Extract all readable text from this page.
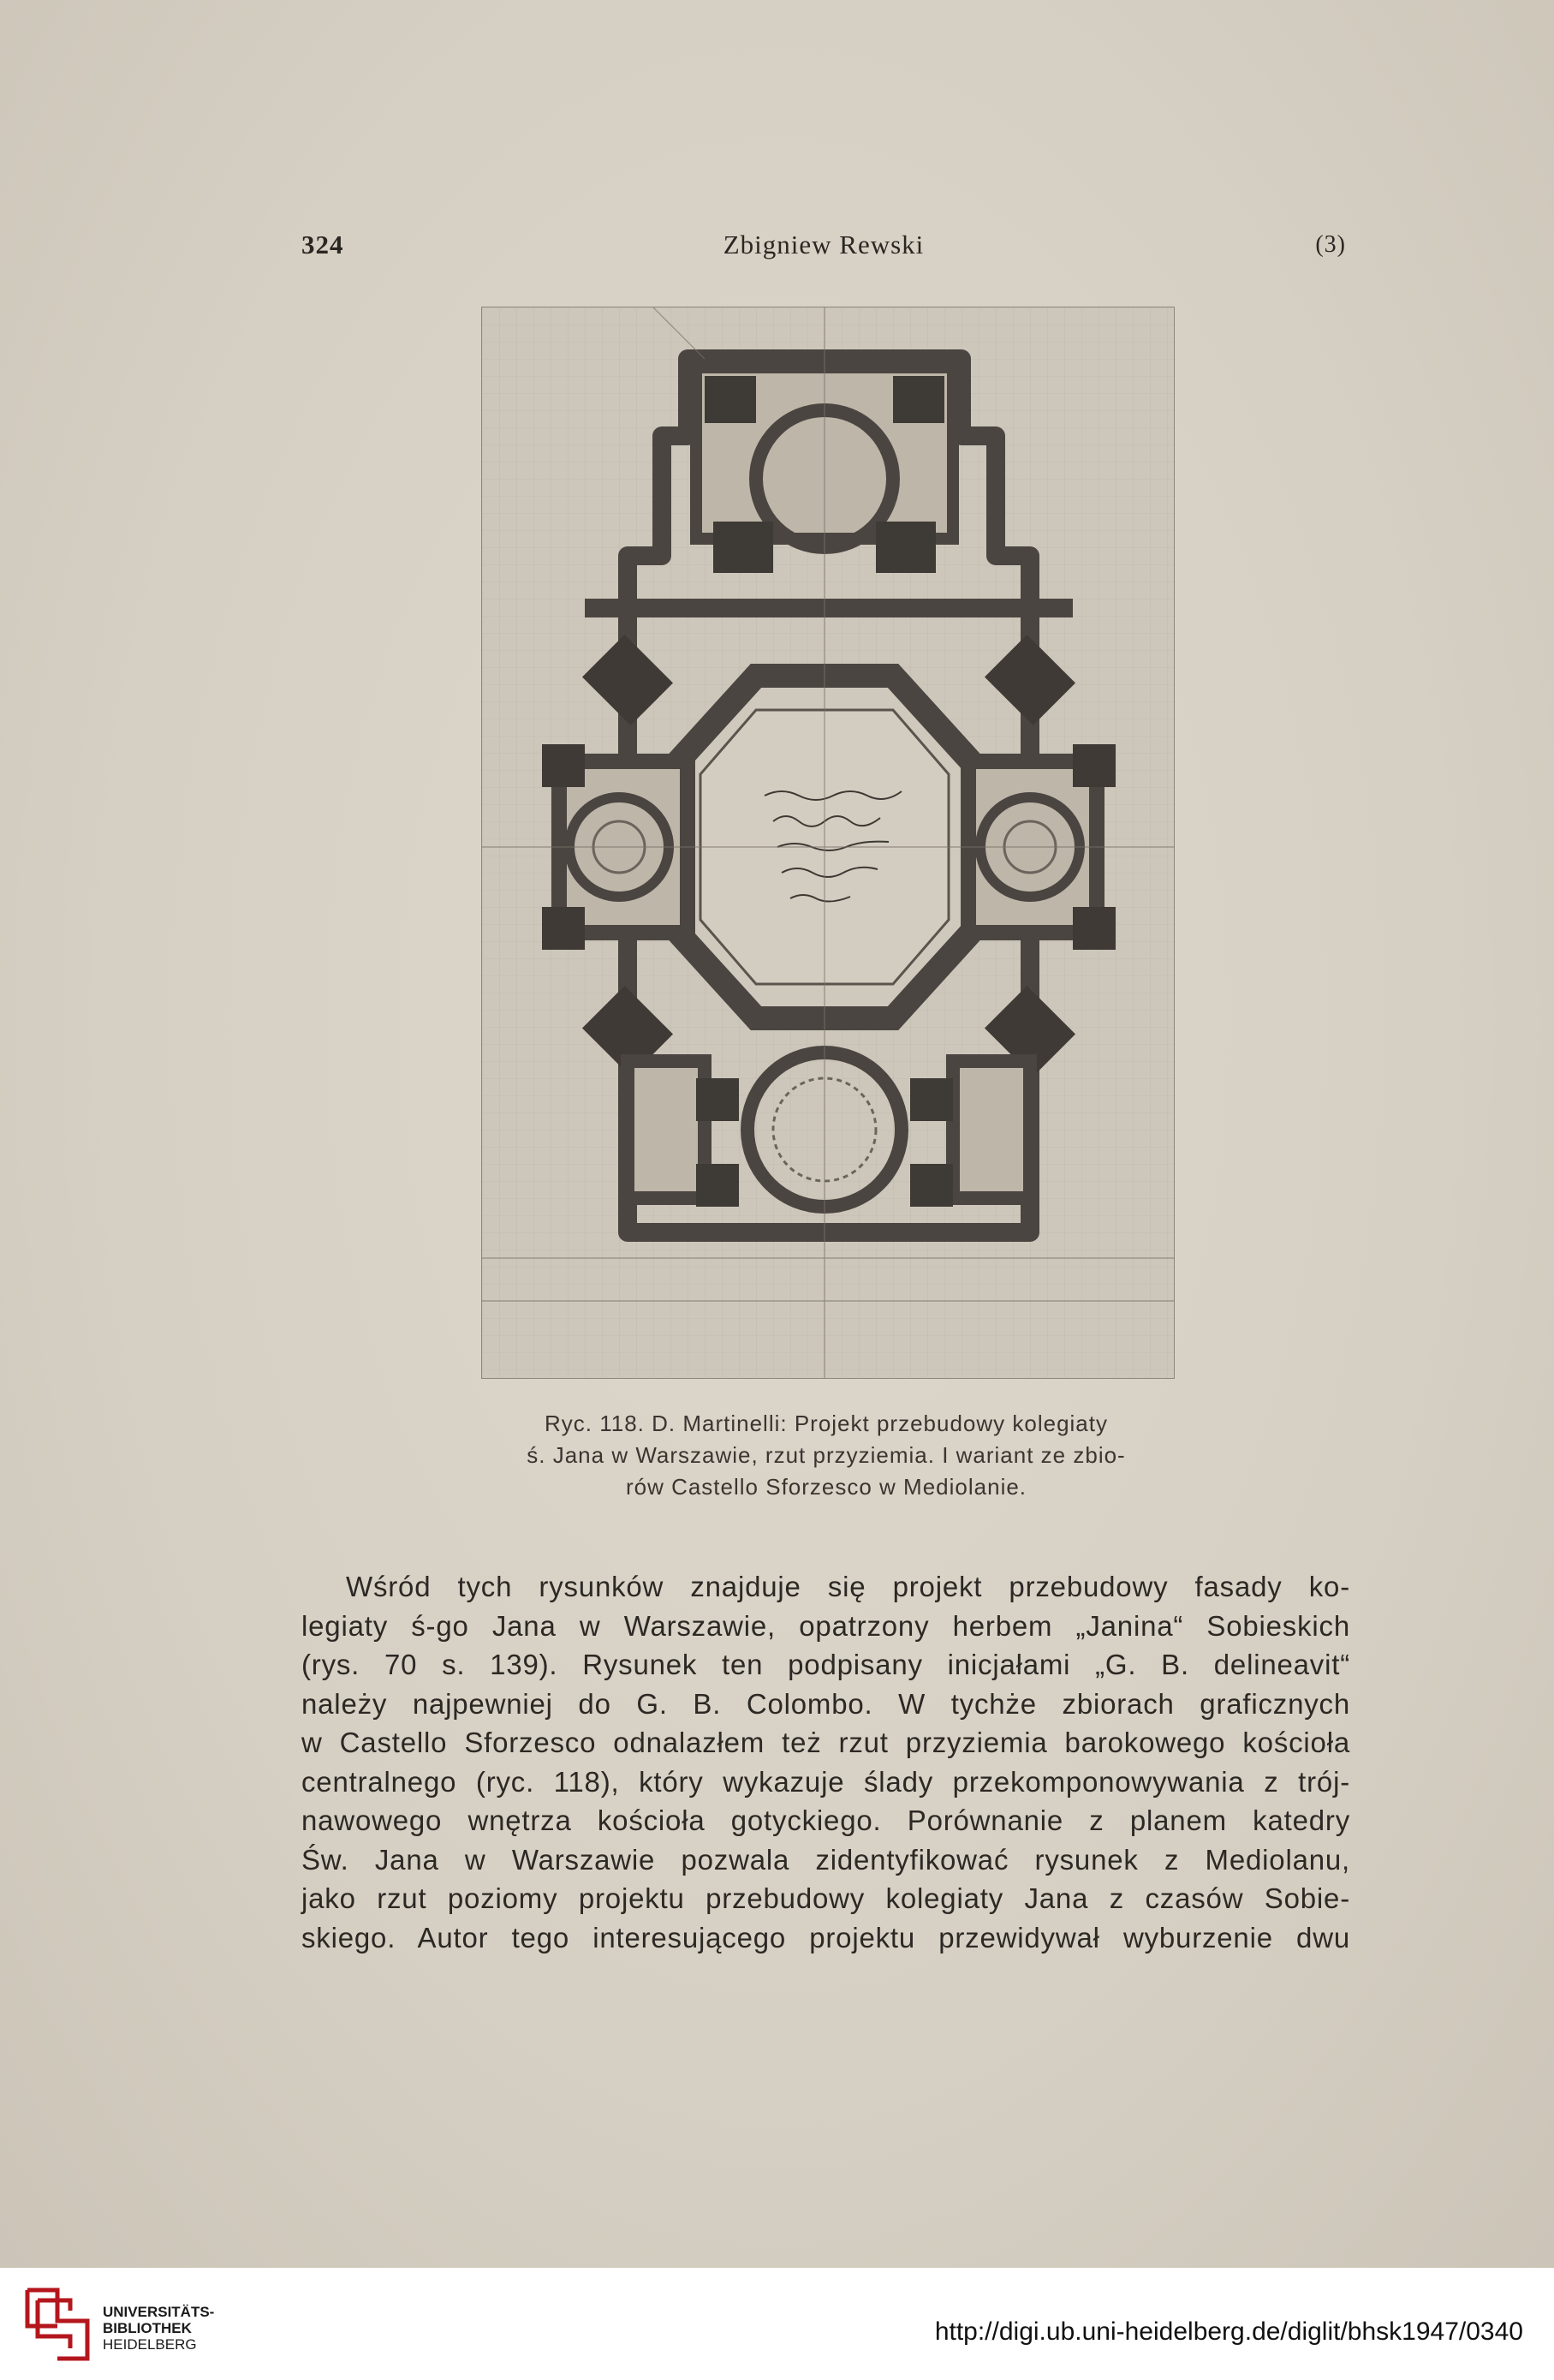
324	Zbigniew Rewski	(3)
Ryc. 118. D. Martinelli: Projekt przebudowy kolegiaty
ś. Jana w Warszawie, rzut przyziemia. I wariant ze zbio-
rów Castello Sforzesco w Mediolanie.
Wśród tych rysunków znajduje się projekt przebudowy fasady ko-
legiaty ś-go Jana w Warszawie, opatrzony herbem „Janina“ Sobieskich
(rys. 70 s. 139). Rysunek ten podpisany inicjałami „G. B. delineavit“
należy najpewniej do G. B. Colombo. W tychże zbiorach graficznych
w Castello Sforzesco odnalazłem też rzut przyziemia barokowego kościoła
centralnego (ryc. 118), który wykazuje ślady przekomponowywania z trój-
nawowego wnętrza kościoła gotyckiego. Porównanie z planem katedry
Św. Jana w Warszawie pozwala zidentyfikować rysunek z Mediolanu,
jako rzut poziomy projektu przebudowy kolegiaty Jana z czasów Sobie-
skiego. Autor tego interesującego projektu przewidywał wyburzenie dwu
UNIVERSITÄTS-
BIBLIOTHEK
HEIDELBERG	http://digi.ub.uni-heidelberg.de/diglit/bhsk1947/0340
